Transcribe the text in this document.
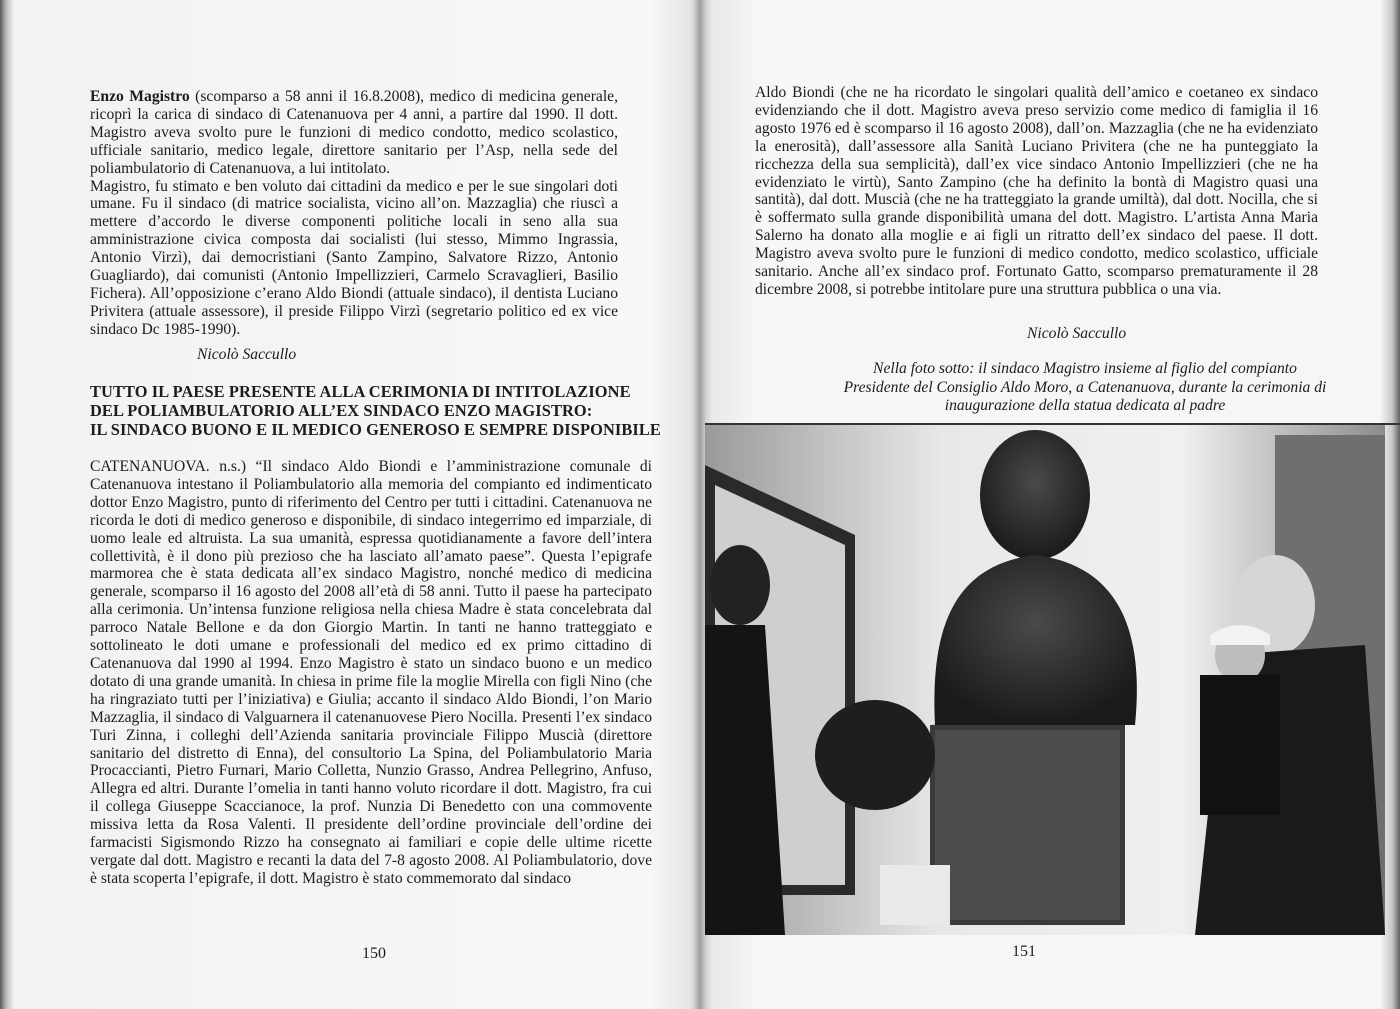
Enzo Magistro (scomparso a 58 anni il 16.8.2008), medico di medicina generale, ricoprì la carica di sindaco di Catenanuova per 4 anni, a partire dal 1990. Il dott. Magistro aveva svolto pure le funzioni di medico condotto, medico scolastico, ufficiale sanitario, medico legale, direttore sanitario per l’Asp, nella sede del poliambulatorio di Catenanuova, a lui intitolato.

Magistro, fu stimato e ben voluto dai cittadini da medico e per le sue singolari doti umane. Fu il sindaco (di matrice socialista, vicino all’on. Mazzaglia) che riuscì a mettere d’accordo le diverse componenti politiche locali in seno alla sua amministrazione civica composta dai socialisti (lui stesso, Mimmo Ingrassia, Antonio Virzì), dai democristiani (Santo Zampino, Salvatore Rizzo, Antonio Guagliardo), dai comunisti (Antonio Impellizzieri, Carmelo Scravaglieri, Basilio Fichera). All’opposizione c’erano Aldo Biondi (attuale sindaco), il dentista Luciano Privitera (attuale assessore), il preside Filippo Virzì (segretario politico ed ex vice sindaco Dc 1985-1990).

Nicolò Saccullo
TUTTO IL PAESE PRESENTE ALLA CERIMONIA DI INTITOLAZIONE
DEL POLIAMBULATORIO ALL’EX SINDACO ENZO MAGISTRO:
IL SINDACO BUONO E IL MEDICO GENEROSO E SEMPRE DISPONIBILE

CATENANUOVA. n.s.) “Il sindaco Aldo Biondi e l’amministrazione comunale di Catenanuova intestano il Poliambulatorio alla memoria del compianto ed indimenticato dottor Enzo Magistro, punto di riferimento del Centro per tutti i cittadini. Catenanuova ne ricorda le doti di medico generoso e disponibile, di sindaco integerrimo ed imparziale, di uomo leale ed altruista. La sua umanità, espressa quotidianamente a favore dell’intera collettività, è il dono più prezioso che ha lasciato all’amato paese”. Questa l’epigrafe marmorea che è stata dedicata all’ex sindaco Magistro, nonché medico di medicina generale, scomparso il 16 agosto del 2008 all’età di 58 anni. Tutto il paese ha partecipato alla cerimonia. Un’intensa funzione religiosa nella chiesa Madre è stata concelebrata dal parroco Natale Bellone e da don Giorgio Martin. In tanti ne hanno tratteggiato e sottolineato le doti umane e professionali del medico ed ex primo cittadino di Catenanuova dal 1990 al 1994. Enzo Magistro è stato un sindaco buono e un medico dotato di una grande umanità. In chiesa in prime file la moglie Mirella con figli Nino (che ha ringraziato tutti per l’iniziativa) e Giulia; accanto il sindaco Aldo Biondi, l’on Mario Mazzaglia, il sindaco di Valguarnera il catenanuovese Piero Nocilla. Presenti l’ex sindaco Turi Zinna, i colleghi dell’Azienda sanitaria provinciale Filippo Muscià (direttore sanitario del distretto di Enna), del consultorio La Spina, del Poliambulatorio Maria Procaccianti, Pietro Furnari, Mario Colletta, Nunzio Grasso, Andrea Pellegrino, Anfuso, Allegra ed altri. Durante l’omelia in tanti hanno voluto ricordare il dott. Magistro, fra cui il collega Giuseppe Scaccianoce, la prof. Nunzia Di Benedetto con una commovente missiva letta da Rosa Valenti. Il presidente dell’ordine provinciale dell’ordine dei farmacisti Sigismondo Rizzo ha consegnato ai familiari e copie delle ultime ricette vergate dal dott. Magistro e recanti la data del 7-8 agosto 2008. Al Poliambulatorio, dove è stata scoperta l’epigrafe, il dott. Magistro è stato commemorato dal sindaco

150

Aldo Biondi (che ne ha ricordato le singolari qualità dell’amico e coetaneo ex sindaco evidenziando che il dott. Magistro aveva preso servizio come medico di famiglia il 16 agosto 1976 ed è scomparso il 16 agosto 2008), dall’on. Mazzaglia (che ne ha evidenziato la enerosità), dall’assessore alla Sanità Luciano Privitera (che ne ha punteggiato la ricchezza della sua semplicità), dall’ex vice sindaco Antonio Impellizzieri (che ne ha evidenziato le virtù), Santo Zampino (che ha definito la bontà di Magistro quasi una santità), dal dott. Muscià (che ne ha tratteggiato la grande umiltà), dal dott. Nocilla, che si è soffermato sulla grande disponibilità umana del dott. Magistro. L’artista Anna Maria Salerno ha donato alla moglie e ai figli un ritratto dell’ex sindaco del paese. Il dott. Magistro aveva svolto pure le funzioni di medico condotto, medico scolastico, ufficiale sanitario. Anche all’ex sindaco prof. Fortunato Gatto, scomparso prematuramente il 28 dicembre 2008, si potrebbe intitolare pure una struttura pubblica o una via.

Nicolò Saccullo
Nella foto sotto: il sindaco Magistro insieme al figlio del compianto
Presidente del Consiglio Aldo Moro, a Catenanuova, durante la cerimonia di
inaugurazione della statua dedicata al padre
151
